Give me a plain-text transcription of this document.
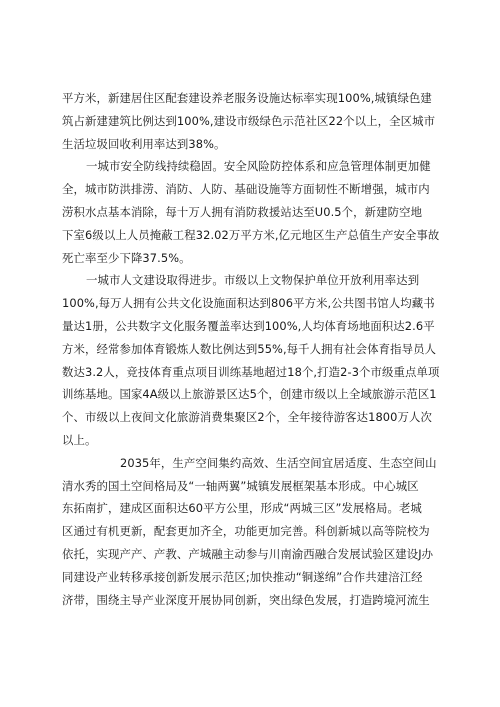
平方米，新建居住区配套建设养老服务设施达标率实现100%,城镇绿色建
筑占新建建筑比例达到100%,建设市级绿色示范社区22个以上，全区城市
生活垃圾回收利用率达到38%。
一城市安全防线持续稳固。安全风险防控体系和应急管理体制更加健
全，城市防洪排涝、消防、人防、基础设施等方面韧性不断增强，城市内
涝积水点基本消除，每十万人拥有消防救援站达至U0.5个，新建防空地
下室6级以上人员掩蔽工程32.02万平方米,亿元地区生产总值生产安全事故
死亡率至少下降37.5%。
一城市人文建设取得进步。市级以上文物保护单位开放利用率达到
100%,每万人拥有公共文化设施面积达到806平方米,公共图书馆人均藏书
量达1册，公共数字文化服务覆盖率达到100%,人均体育场地面积达2.6平
方米，经常参加体育锻炼人数比例达到55%,每千人拥有社会体育指导员人
数达3.2人，竞技体育重点项目训练基地超过18个,打造2-3个市级重点单项
训练基地。国家4A级以上旅游景区达5个，创建市级以上全域旅游示范区1
个、市级以上夜间文化旅游消费集聚区2个，全年接待游客达1800万人次
以上。
2035年，生产空间集约高效、生活空间宜居适度、生态空间山
清水秀的国土空间格局及“一轴两翼”城镇发展框架基本形成。中心城区
东拓南扩，建成区面积达60平方公里，形成“两城三区”发展格局。老城
区通过有机更新，配套更加齐全，功能更加完善。科创新城以高等院校为
依托，实现产产、产教、产城融主动参与川南渝西融合发展试验区建设J办
同建设产业转移承接创新发展示范区;加快推动“铜遂绵”合作共建涪江经
济带，围绕主导产业深度开展协同创新，突出绿色发展，打造跨境河流生
